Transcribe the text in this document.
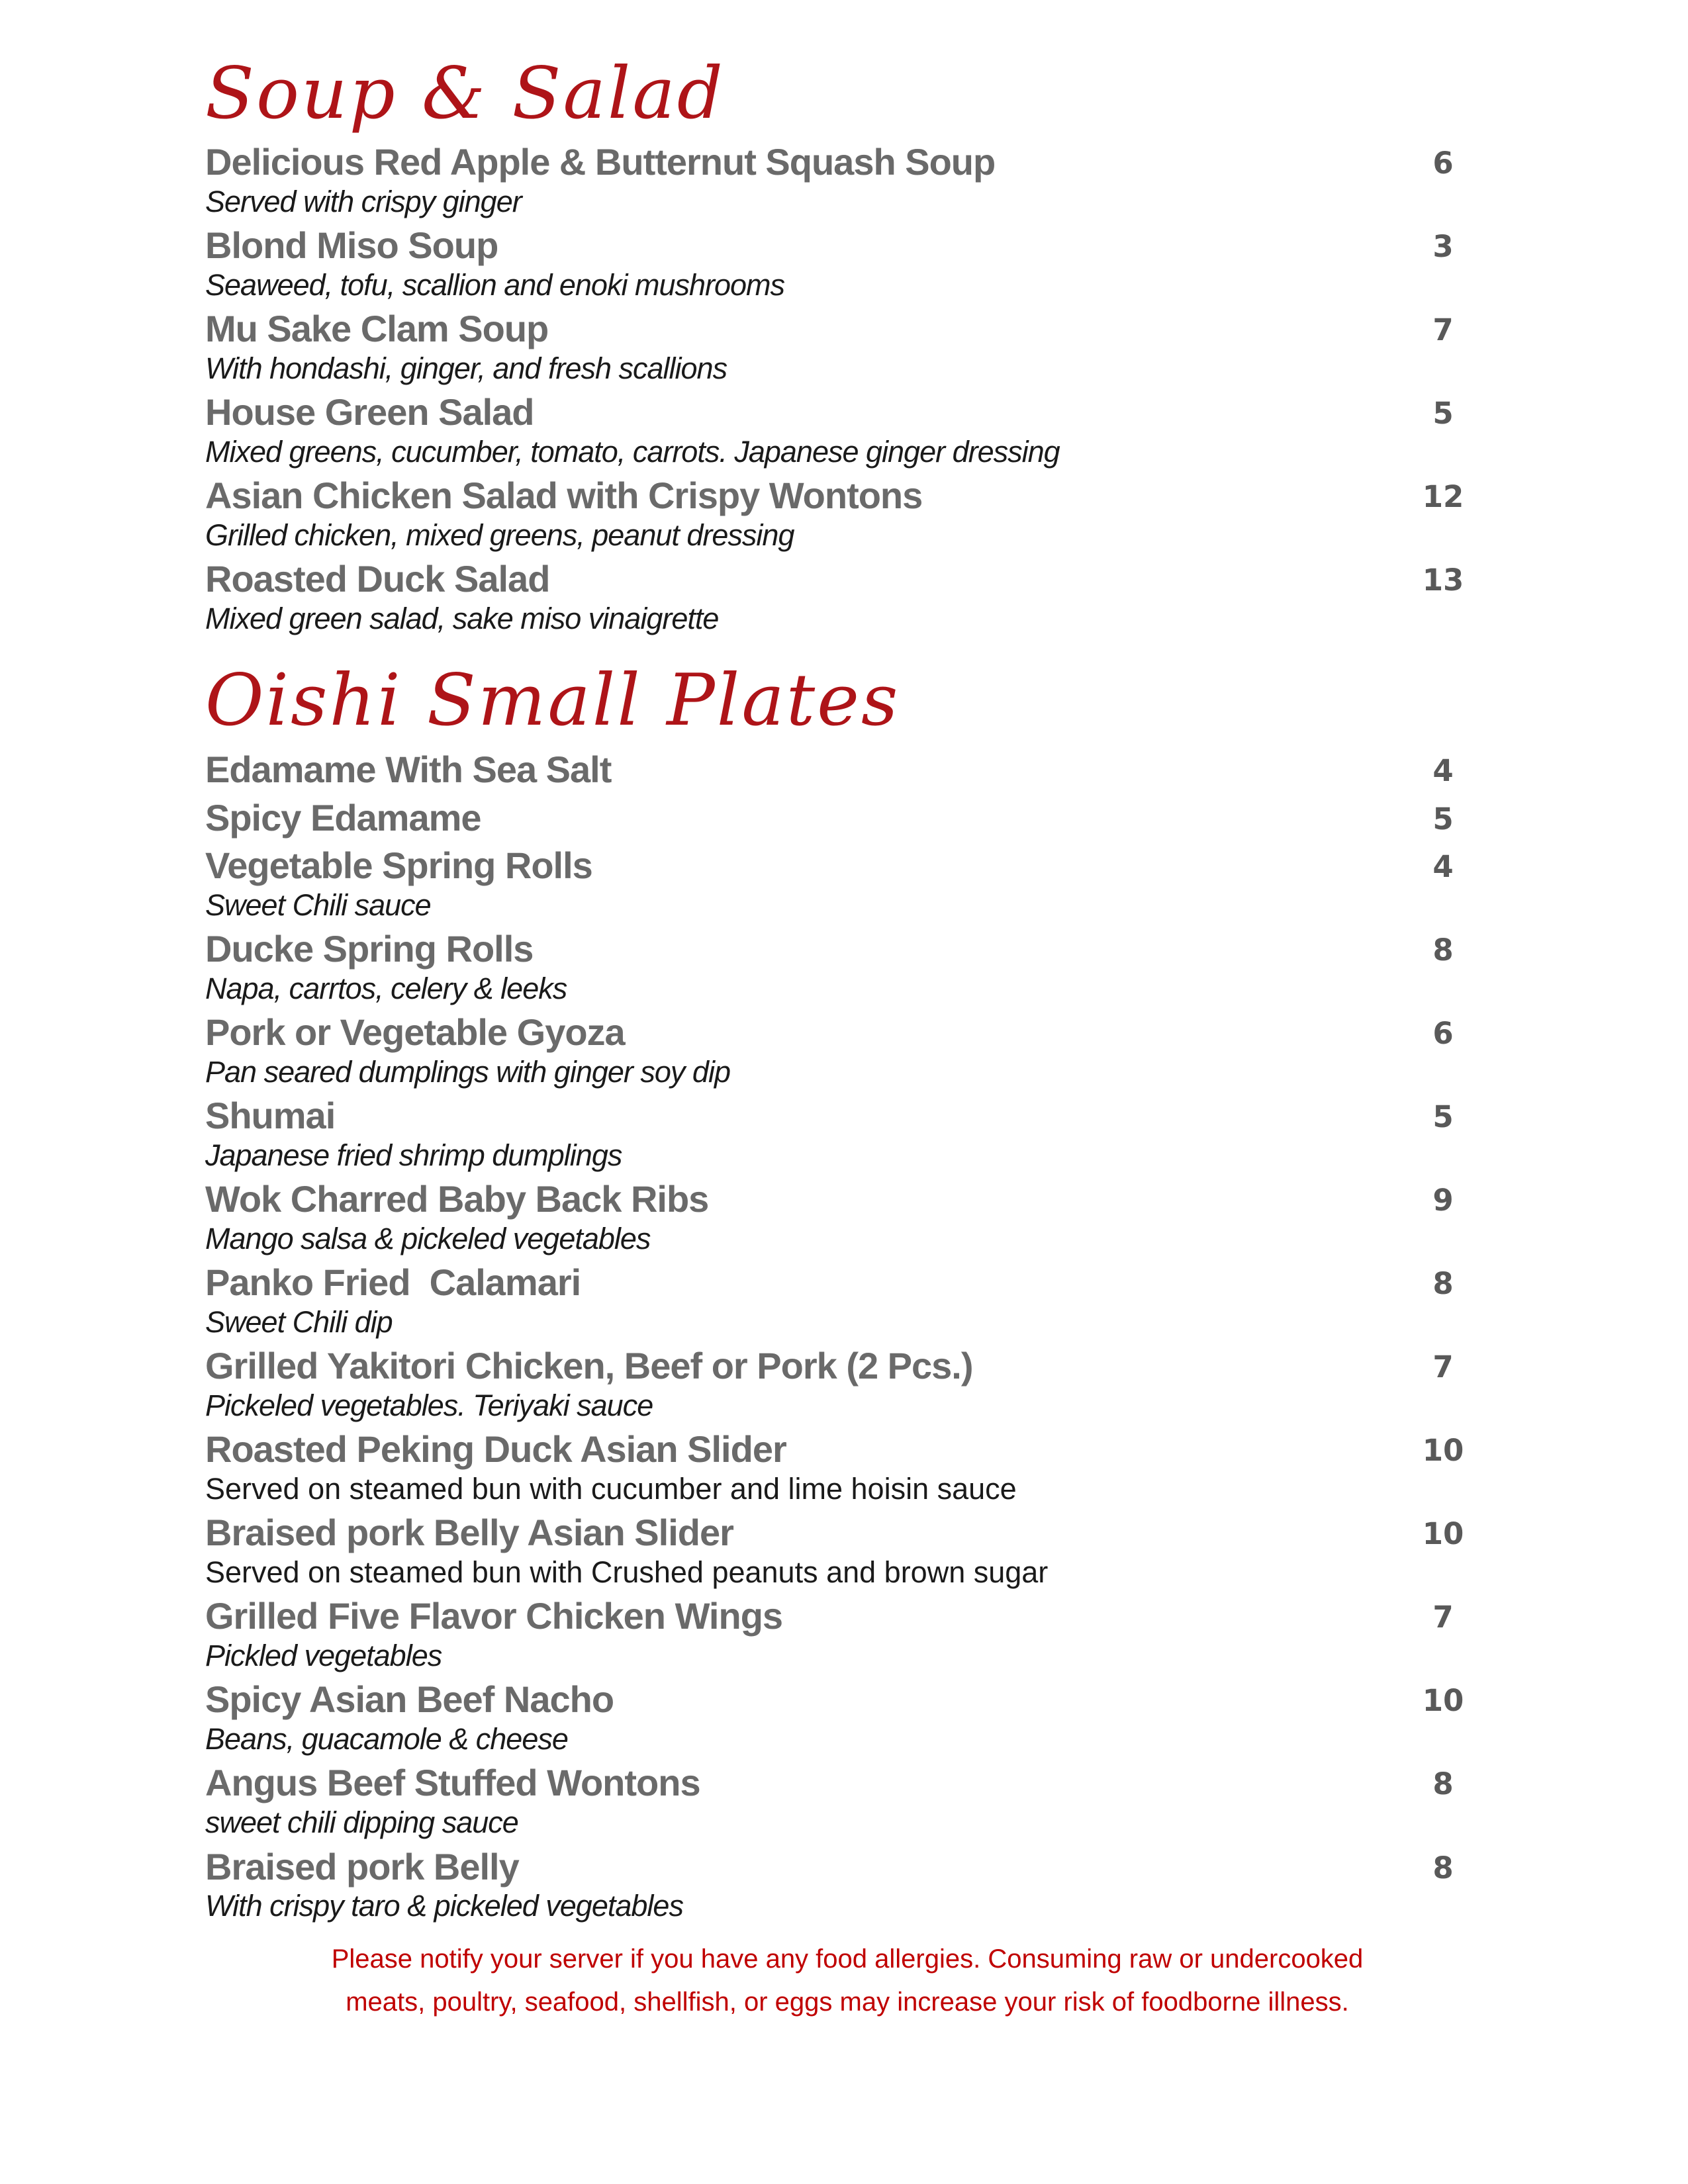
Soup & Salad
Delicious Red Apple & Butternut Squash Soup
Served with crispy ginger
6
Blond Miso Soup
Seaweed, tofu, scallion and enoki mushrooms
3
Mu Sake Clam Soup
With hondashi, ginger, and fresh scallions
7
House Green Salad
Mixed greens, cucumber, tomato, carrots. Japanese ginger dressing
5
Asian Chicken Salad with Crispy Wontons
Grilled chicken, mixed greens, peanut dressing
12
Roasted Duck Salad
Mixed green salad, sake miso vinaigrette
13
Oishi Small Plates
Edamame With Sea Salt	4
Spicy Edamame	5
Vegetable Spring Rolls
Sweet Chili sauce
4
Ducke Spring Rolls
Napa, carrtos, celery & leeks
8
Pork or Vegetable Gyoza
Pan seared dumplings with ginger soy dip
6
Shumai
Japanese fried shrimp dumplings
5
Wok Charred Baby Back Ribs
Mango salsa & pickeled vegetables
9
Panko Fried  Calamari
Sweet Chili dip
8
Grilled Yakitori Chicken, Beef or Pork (2 Pcs.)
Pickeled vegetables. Teriyaki sauce
7
Roasted Peking Duck Asian Slider
Served on steamed bun with cucumber and lime hoisin sauce
10
Braised pork Belly Asian Slider
Served on steamed bun with Crushed peanuts and brown sugar
10
Grilled Five Flavor Chicken Wings
Pickled vegetables
7
Spicy Asian Beef Nacho
Beans, guacamole & cheese
10
Angus Beef Stuffed Wontons
sweet chili dipping sauce
8
Braised pork Belly
With crispy taro & pickeled vegetables
8
Please notify your server if you have any food allergies. Consuming raw or undercooked
meats, poultry, seafood, shellfish, or eggs may increase your risk of foodborne illness.
